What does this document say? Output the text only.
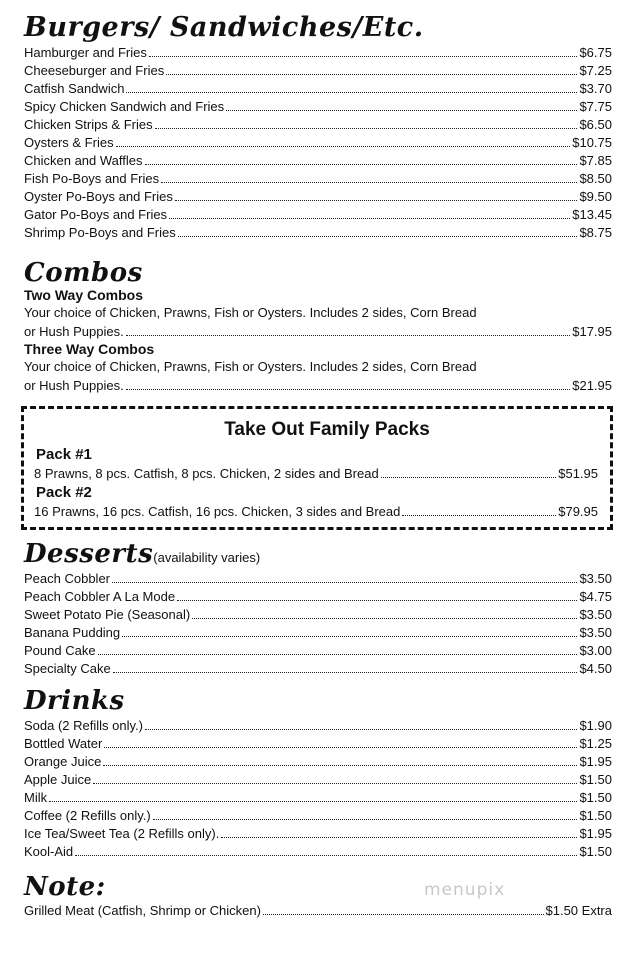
Burgers/ Sandwiches/Etc.
Hamburger and Fries	$6.75
Cheeseburger and Fries	$7.25
Catfish Sandwich	$3.70
Spicy Chicken Sandwich and Fries	$7.75
Chicken Strips & Fries	$6.50
Oysters & Fries	$10.75
Chicken and Waffles	$7.85
Fish Po-Boys and Fries	$8.50
Oyster Po-Boys and Fries	$9.50
Gator Po-Boys and Fries	$13.45
Shrimp Po-Boys and Fries	$8.75
Combos
Two Way Combos
Your choice of Chicken, Prawns, Fish or Oysters. Includes 2 sides, Corn Bread
or Hush Puppies.	$17.95
Three Way Combos
Your choice of Chicken, Prawns, Fish or Oysters. Includes 2 sides, Corn Bread
or Hush Puppies.	$21.95
Take Out Family Packs
Pack #1
8 Prawns, 8 pcs. Catfish, 8 pcs. Chicken, 2 sides and Bread	$51.95
Pack #2
16 Prawns, 16 pcs. Catfish, 16 pcs. Chicken, 3 sides and Bread	$79.95
Desserts(availability varies)
Peach Cobbler	$3.50
Peach Cobbler A La Mode	$4.75
Sweet Potato Pie (Seasonal)	$3.50
Banana Pudding	$3.50
Pound Cake	$3.00
Specialty Cake	$4.50
Drinks
Soda (2 Refills only.)	$1.90
Bottled Water	$1.25
Orange Juice	$1.95
Apple Juice	$1.50
Milk	$1.50
Coffee (2 Refills only.)	$1.50
Ice Tea/Sweet Tea (2 Refills only).	$1.95
Kool-Aid	$1.50
Note:
Grilled Meat (Catfish, Shrimp or Chicken)	$1.50 Extra
menupix
